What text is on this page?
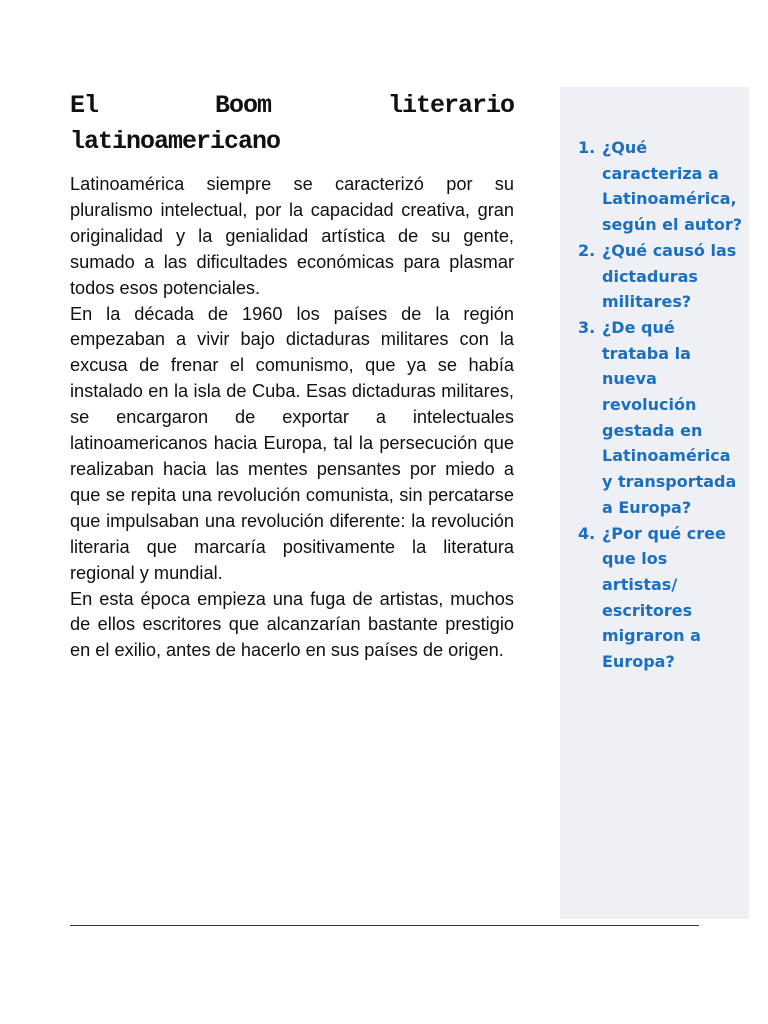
El Boom literario latinoamericano

Latinoamérica siempre se caracterizó por su pluralismo intelectual, por la capacidad creativa, gran originalidad y la genialidad artística de su gente, sumado a las dificultades económicas para plasmar todos esos potenciales.

En la década de 1960 los países de la región empezaban a vivir bajo dictaduras militares con la excusa de frenar el comunismo, que ya se había instalado en la isla de Cuba. Esas dictaduras militares, se encargaron de exportar a intelectuales latinoamericanos hacia Europa, tal la persecución que realizaban hacia las mentes pensantes por miedo a que se repita una revolución comunista, sin percatarse que impulsaban una revolución diferente: la revolución literaria que marcaría positivamente la literatura regional y mundial.

En esta época empieza una fuga de artistas, muchos de ellos escritores que alcanzarían bastante prestigio en el exilio, antes de hacerlo en sus países de origen.

1. ¿Qué caracteriza a Latinoamérica, según el autor?
2. ¿Qué causó las dictaduras militares?
3. ¿De qué trataba la nueva revolución gestada en Latinoamérica y transportada a Europa?
4. ¿Por qué cree que los artistas/ escritores migraron a Europa?
